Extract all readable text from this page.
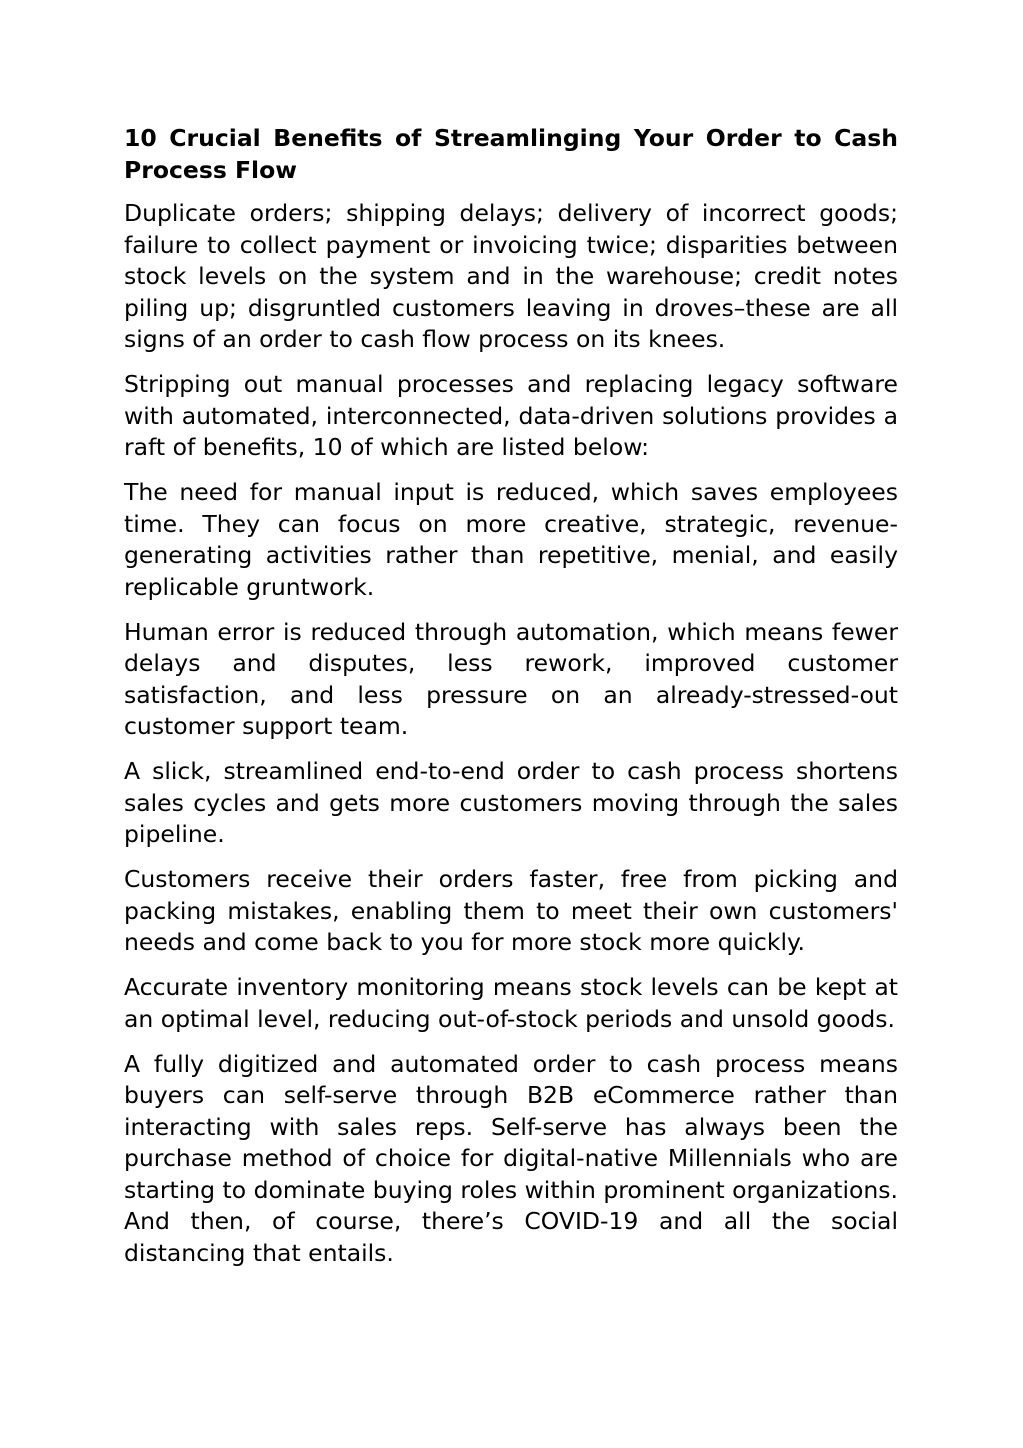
10 Crucial Benefits of Streamlinging Your Order to Cash Process Flow

Duplicate orders; shipping delays; delivery of incorrect goods; failure to collect payment or invoicing twice; disparities between stock levels on the system and in the warehouse; credit notes piling up; disgruntled customers leaving in droves–these are all signs of an order to cash flow process on its knees.

Stripping out manual processes and replacing legacy software with automated, interconnected, data-driven solutions provides a raft of benefits, 10 of which are listed below:

The need for manual input is reduced, which saves employees time. They can focus on more creative, strategic, revenue-generating activities rather than repetitive, menial, and easily replicable gruntwork.

Human error is reduced through automation, which means fewer delays and disputes, less rework, improved customer satisfaction, and less pressure on an already-stressed-out customer support team.

A slick, streamlined end-to-end order to cash process shortens sales cycles and gets more customers moving through the sales pipeline.

Customers receive their orders faster, free from picking and packing mistakes, enabling them to meet their own customers' needs and come back to you for more stock more quickly.

Accurate inventory monitoring means stock levels can be kept at an optimal level, reducing out-of-stock periods and unsold goods.

A fully digitized and automated order to cash process means buyers can self-serve through B2B eCommerce rather than interacting with sales reps. Self-serve has always been the purchase method of choice for digital-native Millennials who are starting to dominate buying roles within prominent organizations. And then, of course, there’s COVID-19 and all the social distancing that entails.
